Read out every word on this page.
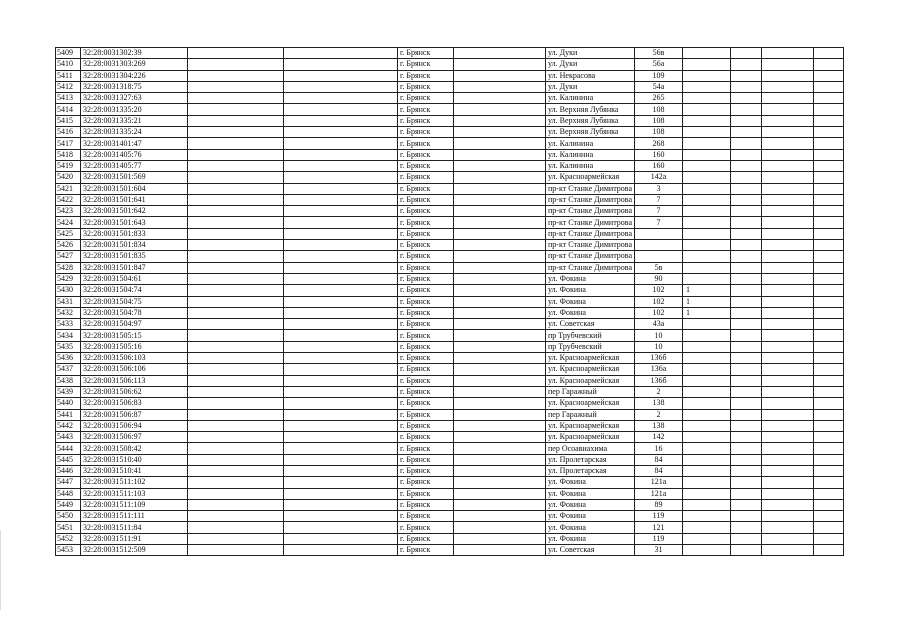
5409	32:28:0031302:39			г. Брянск		ул. Дуки	56в				
5410	32:28:0031303:269			г. Брянск		ул. Дуки	56а				
5411	32:28:0031304:226			г. Брянск		ул. Некрасова	109				
5412	32:28:0031318:75			г. Брянск		ул. Дуки	54а				
5413	32:28:0031327:63			г. Брянск		ул. Калинина	265				
5414	32:28:0031335:20			г. Брянск		ул. Верхняя Лубянка	108				
5415	32:28:0031335:21			г. Брянск		ул. Верхняя Лубянка	108				
5416	32:28:0031335:24			г. Брянск		ул. Верхняя Лубянка	108				
5417	32:28:0031401:47			г. Брянск		ул. Калинина	268				
5418	32:28:0031405:76			г. Брянск		ул. Калинина	160				
5419	32:28:0031405:77			г. Брянск		ул. Калинина	160				
5420	32:28:0031501:569			г. Брянск		ул. Красноармейская	142а				
5421	32:28:0031501:604			г. Брянск		пр-кт Станке Димитрова	3				
5422	32:28:0031501:641			г. Брянск		пр-кт Станке Димитрова	7				
5423	32:28:0031501:642			г. Брянск		пр-кт Станке Димитрова	7				
5424	32:28:0031501:643			г. Брянск		пр-кт Станке Димитрова	7				
5425	32:28:0031501:833			г. Брянск		пр-кт Станке Димитрова					
5426	32:28:0031501:834			г. Брянск		пр-кт Станке Димитрова					
5427	32:28:0031501:835			г. Брянск		пр-кт Станке Димитрова					
5428	32:28:0031501:847			г. Брянск		пр-кт Станке Димитрова	5в				
5429	32:28:0031504:61			г. Брянск		ул. Фокина	90				
5430	32:28:0031504:74			г. Брянск		ул. Фокина	102	1			
5431	32:28:0031504:75			г. Брянск		ул. Фокина	102	1			
5432	32:28:0031504:78			г. Брянск		ул. Фокина	102	1			
5433	32:28:0031504:97			г. Брянск		ул. Советская	43а				
5434	32:28:0031505:15			г. Брянск		пр Трубчевский	10				
5435	32:28:0031505:16			г. Брянск		пр Трубчевский	10				
5436	32:28:0031506:103			г. Брянск		ул. Красноармейская	136б				
5437	32:28:0031506:106			г. Брянск		ул. Красноармейская	136а				
5438	32:28:0031506:113			г. Брянск		ул. Красноармейская	136б				
5439	32:28:0031506:62			г. Брянск		пер Гаражный	2				
5440	32:28:0031506:83			г. Брянск		ул. Красноармейская	138				
5441	32:28:0031506:87			г. Брянск		пер Гаражный	2				
5442	32:28:0031506:94			г. Брянск		ул. Красноармейская	138				
5443	32:28:0031506:97			г. Брянск		ул. Красноармейская	142				
5444	32:28:0031508:42			г. Брянск		пер Осоавиахима	16				
5445	32:28:0031510:40			г. Брянск		ул. Пролетарская	84				
5446	32:28:0031510:41			г. Брянск		ул. Пролетарская	84				
5447	32:28:0031511:102			г. Брянск		ул. Фокина	121а				
5448	32:28:0031511:103			г. Брянск		ул. Фокина	121а				
5449	32:28:0031511:109			г. Брянск		ул. Фокина	89				
5450	32:28:0031511:111			г. Брянск		ул. Фокина	119				
5451	32:28:0031511:84			г. Брянск		ул. Фокина	121				
5452	32:28:0031511:91			г. Брянск		ул. Фокина	119				
5453	32:28:0031512:509			г. Брянск		ул. Советская	31				
